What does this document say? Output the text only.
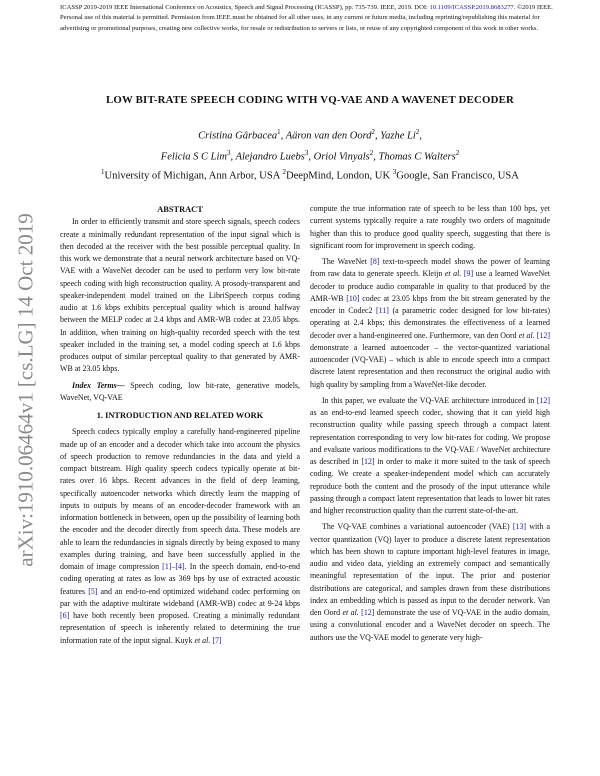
ICASSP 2019-2019 IEEE International Conference on Acoustics, Speech and Signal Processing (ICASSP), pp. 735-739. IEEE, 2019. DOI: 10.1109/ICASSP.2019.8683277. ©2019 IEEE. Personal use of this material is permitted. Permission from IEEE must be obtained for all other uses, in any current or future media, including reprinting/republishing this material for advertising or promotional purposes, creating new collective works, for resale or redistribution to servers or lists, or reuse of any copyrighted component of this work in other works.

arXiv:1910.06464v1 [cs.LG] 14 Oct 2019
LOW BIT-RATE SPEECH CODING WITH VQ-VAE AND A WAVENET DECODER
Cristina Gârbacea$^1$, Aäron van den Oord$^2$, Yazhe Li$^2$,
Felicia S C Lim$^3$, Alejandro Luebs$^3$, Oriol Vinyals$^2$, Thomas C Walters$^2$

$^1$University of Michigan, Ann Arbor, USA $^2$DeepMind, London, UK $^3$Google, San Francisco, USA

ABSTRACT

In order to efficiently transmit and store speech signals, speech codecs create a minimally redundant representation of the input signal which is then decoded at the receiver with the best possible perceptual quality. In this work we demonstrate that a neural network architecture based on VQ-VAE with a WaveNet decoder can be used to perform very low bit-rate speech coding with high reconstruction quality. A prosody-transparent and speaker-independent model trained on the LibriSpeech corpus coding audio at 1.6 kbps exhibits perceptual quality which is around halfway between the MELP codec at 2.4 kbps and AMR-WB codec at 23.05 kbps. In addition, when training on high-quality recorded speech with the test speaker included in the training set, a model coding speech at 1.6 kbps produces output of similar perceptual quality to that generated by AMR-WB at 23.05 kbps.

Index Terms— Speech coding, low bit-rate, generative models, WaveNet, VQ-VAE

1. INTRODUCTION AND RELATED WORK

Speech codecs typically employ a carefully hand-engineered pipeline made up of an encoder and a decoder which take into account the physics of speech production to remove redundancies in the data and yield a compact bitstream. High quality speech codecs typically operate at bit-rates over 16 kbps. Recent advances in the field of deep learning, specifically autoencoder networks which directly learn the mapping of inputs to outputs by means of an encoder-decoder framework with an information bottleneck in between, open up the possibility of learning both the encoder and the decoder directly from speech data. These models are able to learn the redundancies in signals directly by being exposed to many examples during training, and have been successfully applied in the domain of image compression [1]–[4]. In the speech domain, end-to-end coding operating at rates as low as 369 bps by use of extracted acoustic features [5] and an end-to-end optimized wideband codec performing on par with the adaptive multirate wideband (AMR-WB) codec at 9-24 kbps [6] have both recently been proposed. Creating a minimally redundant representation of speech is inherently related to determining the true information rate of the input signal. Kuyk et al. [7]

compute the true information rate of speech to be less than 100 bps, yet current systems typically require a rate roughly two orders of magnitude higher than this to produce good quality speech, suggesting that there is significant room for improvement in speech coding.

The WaveNet [8] text-to-speech model shows the power of learning from raw data to generate speech. Kleijn et al. [9] use a learned WaveNet decoder to produce audio comparable in quality to that produced by the AMR-WB [10] codec at 23.05 kbps from the bit stream generated by the encoder in Codec2 [11] (a parametric codec designed for low bit-rates) operating at 2.4 kbps; this demonstrates the effectiveness of a learned decoder over a hand-engineered one. Furthermore, van den Oord et al. [12] demonstrate a learned autoencoder – the vector-quantized variational autoencoder (VQ-VAE) – which is able to encode speech into a compact discrete latent representation and then reconstruct the original audio with high quality by sampling from a WaveNet-like decoder.

In this paper, we evaluate the VQ-VAE architecture introduced in [12] as an end-to-end learned speech codec, showing that it can yield high reconstruction quality while passing speech through a compact latent representation corresponding to very low bit-rates for coding. We propose and evaluate various modifications to the VQ-VAE / WaveNet architecture as described in [12] in order to make it more suited to the task of speech coding. We create a speaker-independent model which can accurately reproduce both the content and the prosody of the input utterance while passing through a compact latent representation that leads to lower bit rates and higher reconstruction quality than the current state-of-the-art.

The VQ-VAE combines a variational autoencoder (VAE) [13] with a vector quantization (VQ) layer to produce a discrete latent representation which has been shown to capture important high-level features in image, audio and video data, yielding an extremely compact and semantically meaningful representation of the input. The prior and posterior distributions are categorical, and samples drawn from these distributions index an embedding which is passed as input to the decoder network. Van den Oord et al. [12] demonstrate the use of VQ-VAE in the audio domain, using a convolutional encoder and a WaveNet decoder on speech. The authors use the VQ-VAE model to generate very high-
